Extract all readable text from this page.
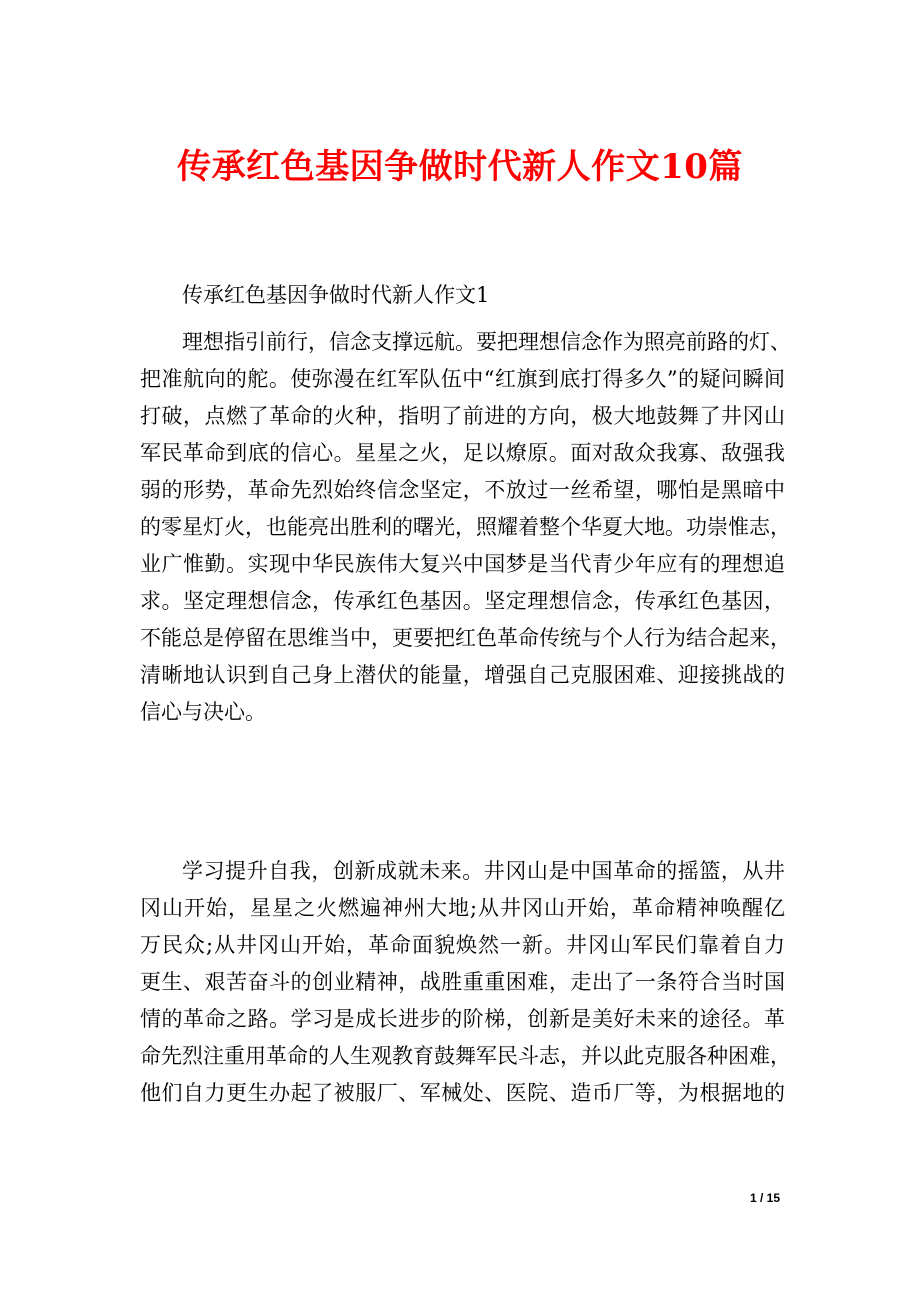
传承红色基因争做时代新人作文10篇

传承红色基因争做时代新人作文1

理想指引前行，信念支撑远航。要把理想信念作为照亮前路的灯、
把准航向的舵。使弥漫在红军队伍中“红旗到底打得多久”的疑问瞬间
打破，点燃了革命的火种，指明了前进的方向，极大地鼓舞了井冈山
军民革命到底的信心。星星之火，足以燎原。面对敌众我寡、敌强我
弱的形势，革命先烈始终信念坚定，不放过一丝希望，哪怕是黑暗中
的零星灯火，也能亮出胜利的曙光，照耀着整个华夏大地。功崇惟志，
业广惟勤。实现中华民族伟大复兴中国梦是当代青少年应有的理想追
求。坚定理想信念，传承红色基因。坚定理想信念，传承红色基因，
不能总是停留在思维当中，更要把红色革命传统与个人行为结合起来，
清晰地认识到自己身上潜伏的能量，增强自己克服困难、迎接挑战的
信心与决心。
学习提升自我，创新成就未来。井冈山是中国革命的摇篮，从井
冈山开始，星星之火燃遍神州大地;从井冈山开始，革命精神唤醒亿
万民众;从井冈山开始，革命面貌焕然一新。井冈山军民们靠着自力
更生、艰苦奋斗的创业精神，战胜重重困难，走出了一条符合当时国
情的革命之路。学习是成长进步的阶梯，创新是美好未来的途径。革
命先烈注重用革命的人生观教育鼓舞军民斗志，并以此克服各种困难，
他们自力更生办起了被服厂、军械处、医院、造币厂等，为根据地的

1 / 15
